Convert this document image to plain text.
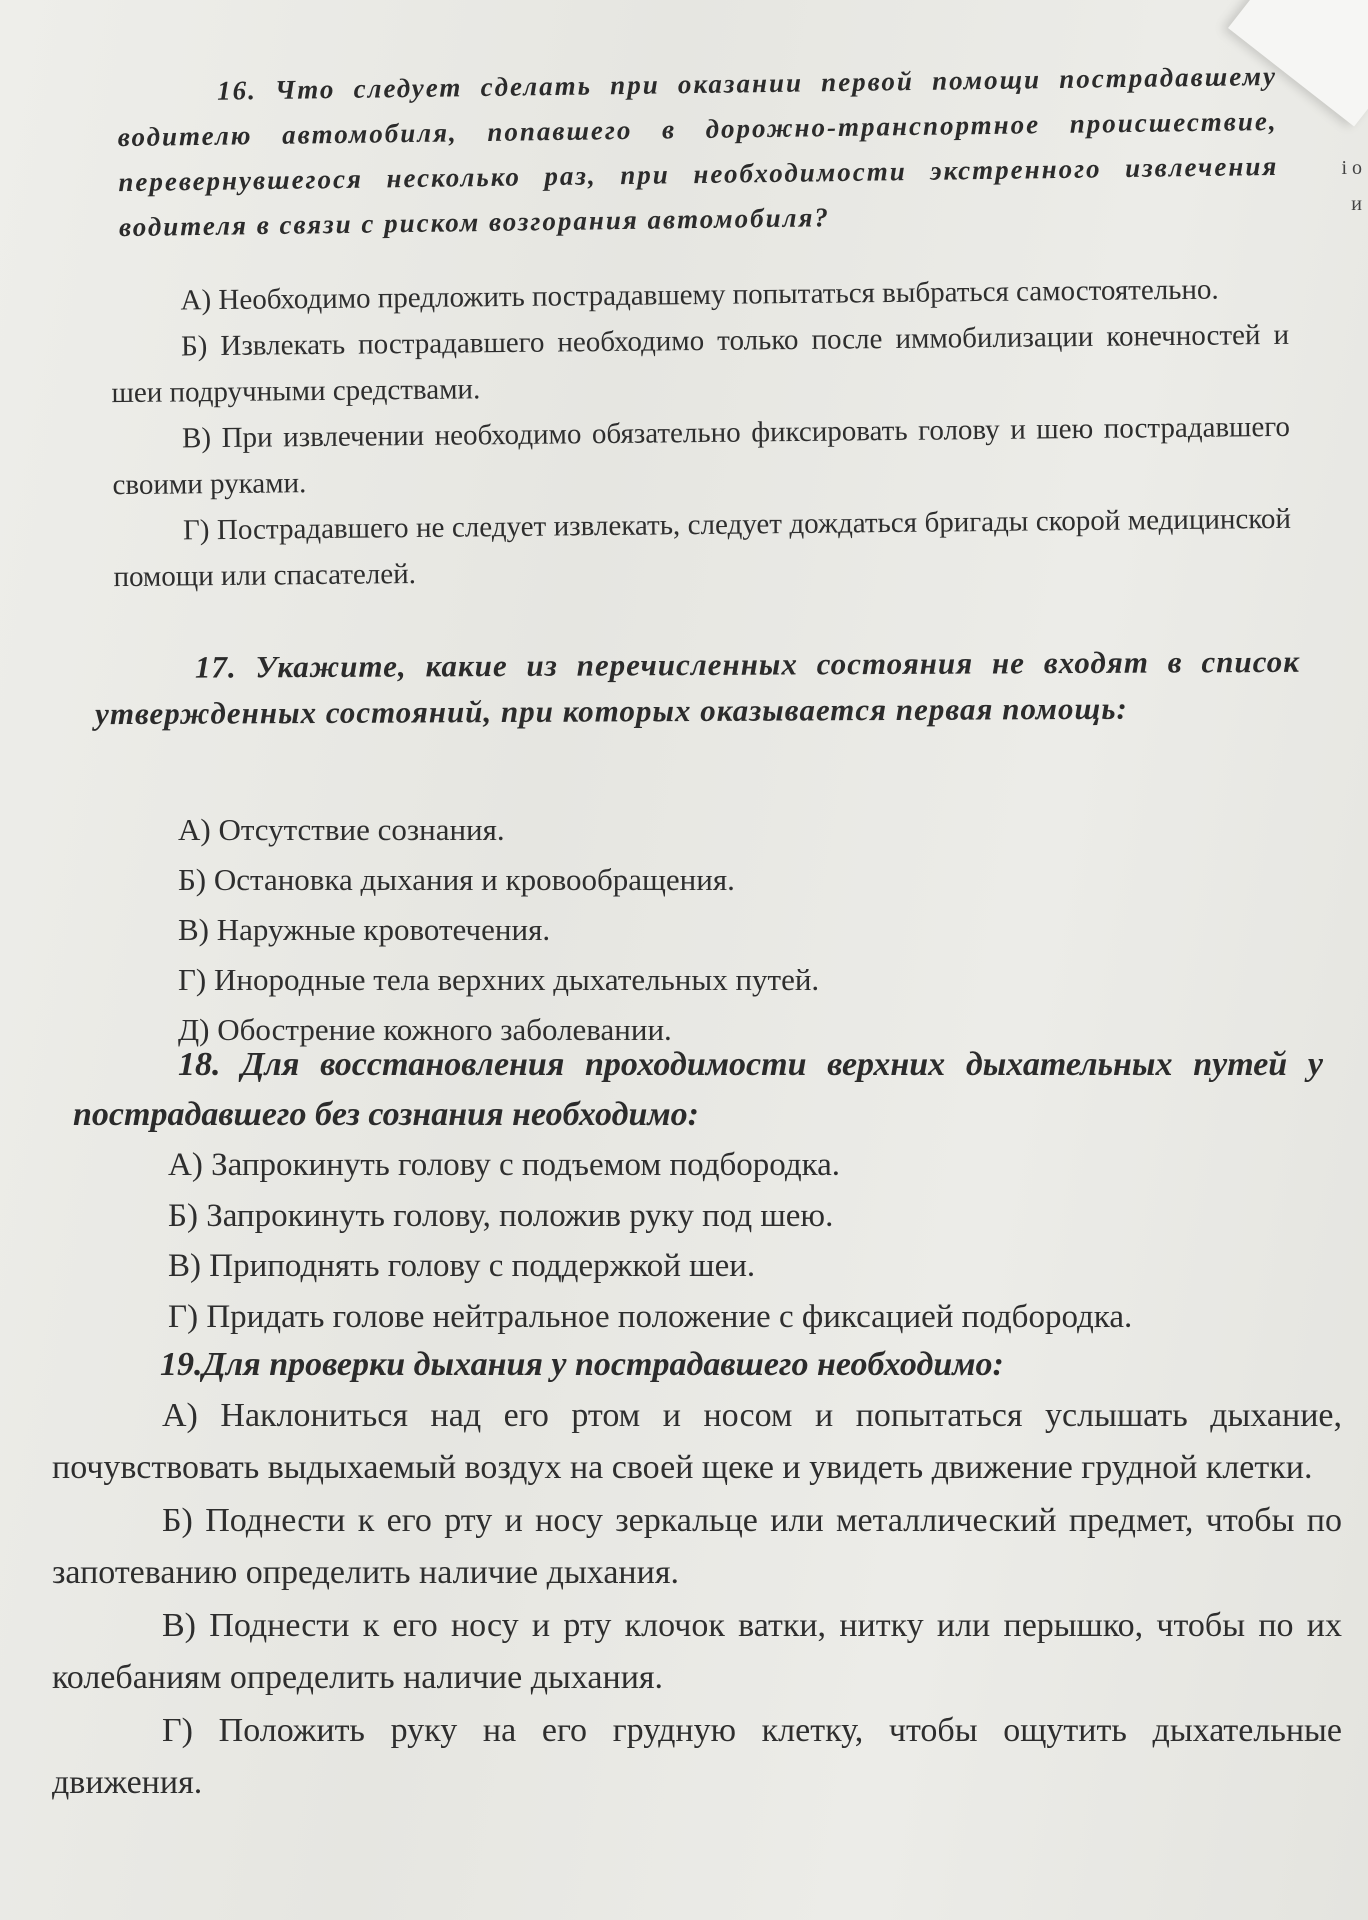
i o
и
16. Что следует сделать при оказании первой помощи пострадавшему водителю автомобиля, попавшего в дорожно-транспортное происшествие, перевернувшегося несколько раз, при необходимости экстренного извлечения водителя в связи с риском возгорания автомобиля?

А) Необходимо предложить пострадавшему попытаться выбраться самостоятельно.

Б) Извлекать пострадавшего необходимо только после иммобилизации конечностей и шеи подручными средствами.

В) При извлечении необходимо обязательно фиксировать голову и шею пострадавшего своими руками.

Г) Пострадавшего не следует извлекать, следует дождаться бригады скорой медицинской помощи или спасателей.

17. Укажите, какие из перечисленных состояния не входят в список утвержденных состояний, при которых оказывается первая помощь:

А) Отсутствие сознания.

Б) Остановка дыхания и кровообращения.

В) Наружные кровотечения.

Г) Инородные тела верхних дыхательных путей.

Д) Обострение кожного заболевании.

18. Для восстановления проходимости верхних дыхательных путей у пострадавшего без сознания необходимо:

А) Запрокинуть голову с подъемом подбородка.

Б) Запрокинуть голову, положив руку под шею.

В) Приподнять голову с поддержкой шеи.

Г) Придать голове нейтральное положение с фиксацией подбородка.

19.Для проверки дыхания у пострадавшего необходимо:

А) Наклониться над его ртом и носом и попытаться услышать дыхание, почувствовать выдыхаемый воздух на своей щеке и увидеть движение грудной клетки.

Б) Поднести к его рту и носу зеркальце или металлический предмет, чтобы по запотеванию определить наличие дыхания.

В) Поднести к его носу и рту клочок ватки, нитку или перышко, чтобы по их колебаниям определить наличие дыхания.

Г) Положить руку на его грудную клетку, чтобы ощутить дыхательные движения.
